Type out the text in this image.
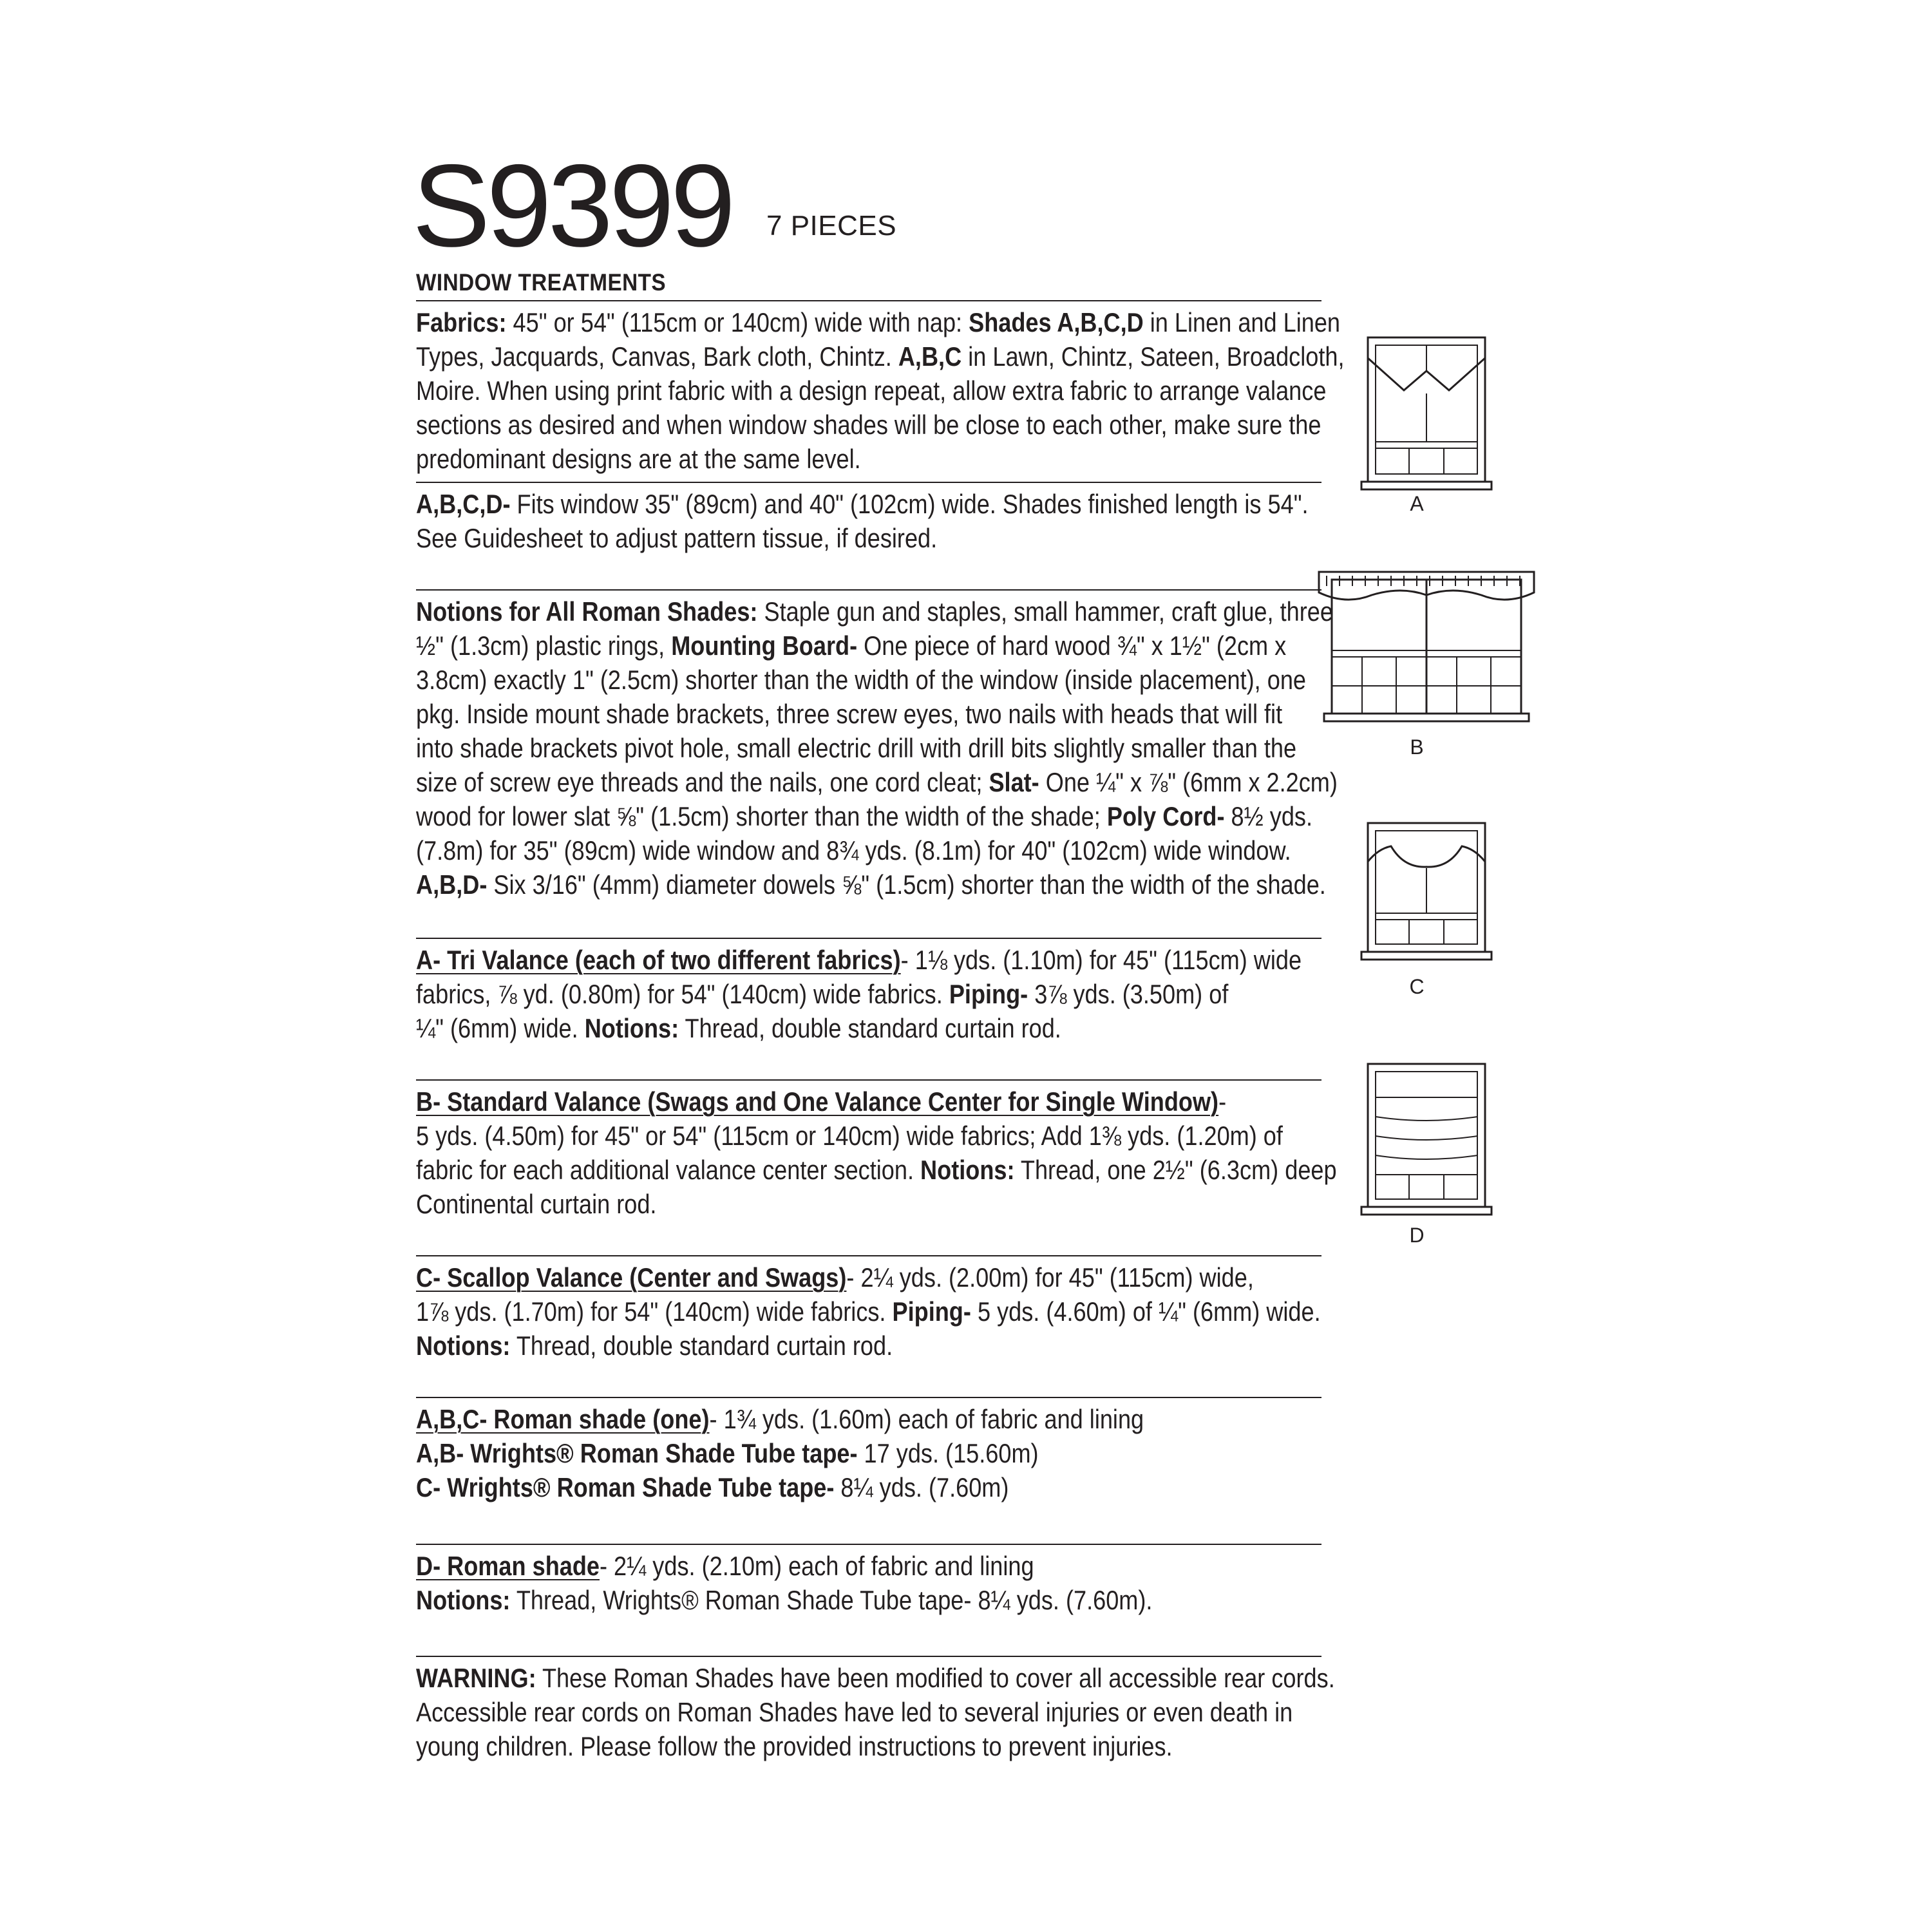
S9399 7 PIECES
WINDOW TREATMENTS

Fabrics: 45" or 54" (115cm or 140cm) wide with nap: Shades A,B,C,D in Linen and Linen

Types, Jacquards, Canvas, Bark cloth, Chintz. A,B,C in Lawn, Chintz, Sateen, Broadcloth,

Moire. When using print fabric with a design repeat, allow extra fabric to arrange valance

sections as desired and when window shades will be close to each other, make sure the

predominant designs are at the same level.

A,B,C,D- Fits window 35" (89cm) and 40" (102cm) wide. Shades finished length is 54".

See Guidesheet to adjust pattern tissue, if desired.

Notions for All Roman Shades: Staple gun and staples, small hammer, craft glue, three

½" (1.3cm) plastic rings, Mounting Board- One piece of hard wood ¾" x 1½" (2cm x

3.8cm) exactly 1" (2.5cm) shorter than the width of the window (inside placement), one

pkg. Inside mount shade brackets, three screw eyes, two nails with heads that will fit

into shade brackets pivot hole, small electric drill with drill bits slightly smaller than the

size of screw eye threads and the nails, one cord cleat; Slat- One ¼" x ⅞" (6mm x 2.2cm)

wood for lower slat ⅝" (1.5cm) shorter than the width of the shade; Poly Cord- 8½ yds.

(7.8m) for 35" (89cm) wide window and 8¾ yds. (8.1m) for 40" (102cm) wide window.

A,B,D- Six 3/16" (4mm) diameter dowels ⅝" (1.5cm) shorter than the width of the shade.

A- Tri Valance (each of two different fabrics)- 1⅛ yds. (1.10m) for 45" (115cm) wide

fabrics, ⅞ yd. (0.80m) for 54" (140cm) wide fabrics. Piping- 3⅞ yds. (3.50m) of

¼" (6mm) wide. Notions: Thread, double standard curtain rod.

B- Standard Valance (Swags and One Valance Center for Single Window)-

5 yds. (4.50m) for 45" or 54" (115cm or 140cm) wide fabrics; Add 1⅜ yds. (1.20m) of

fabric for each additional valance center section. Notions: Thread, one 2½" (6.3cm) deep

Continental curtain rod.

C- Scallop Valance (Center and Swags)- 2¼ yds. (2.00m) for 45" (115cm) wide,

1⅞ yds. (1.70m) for 54" (140cm) wide fabrics. Piping- 5 yds. (4.60m) of ¼" (6mm) wide.

Notions: Thread, double standard curtain rod.

A,B,C- Roman shade (one)- 1¾ yds. (1.60m) each of fabric and lining

A,B- Wrights® Roman Shade Tube tape- 17 yds. (15.60m)

C- Wrights® Roman Shade Tube tape- 8¼ yds. (7.60m)

D- Roman shade- 2¼ yds. (2.10m) each of fabric and lining

Notions: Thread, Wrights® Roman Shade Tube tape- 8¼ yds. (7.60m).

WARNING: These Roman Shades have been modified to cover all accessible rear cords.

Accessible rear cords on Roman Shades have led to several injuries or even death in

young children. Please follow the provided instructions to prevent injuries.

A
B
C
D
